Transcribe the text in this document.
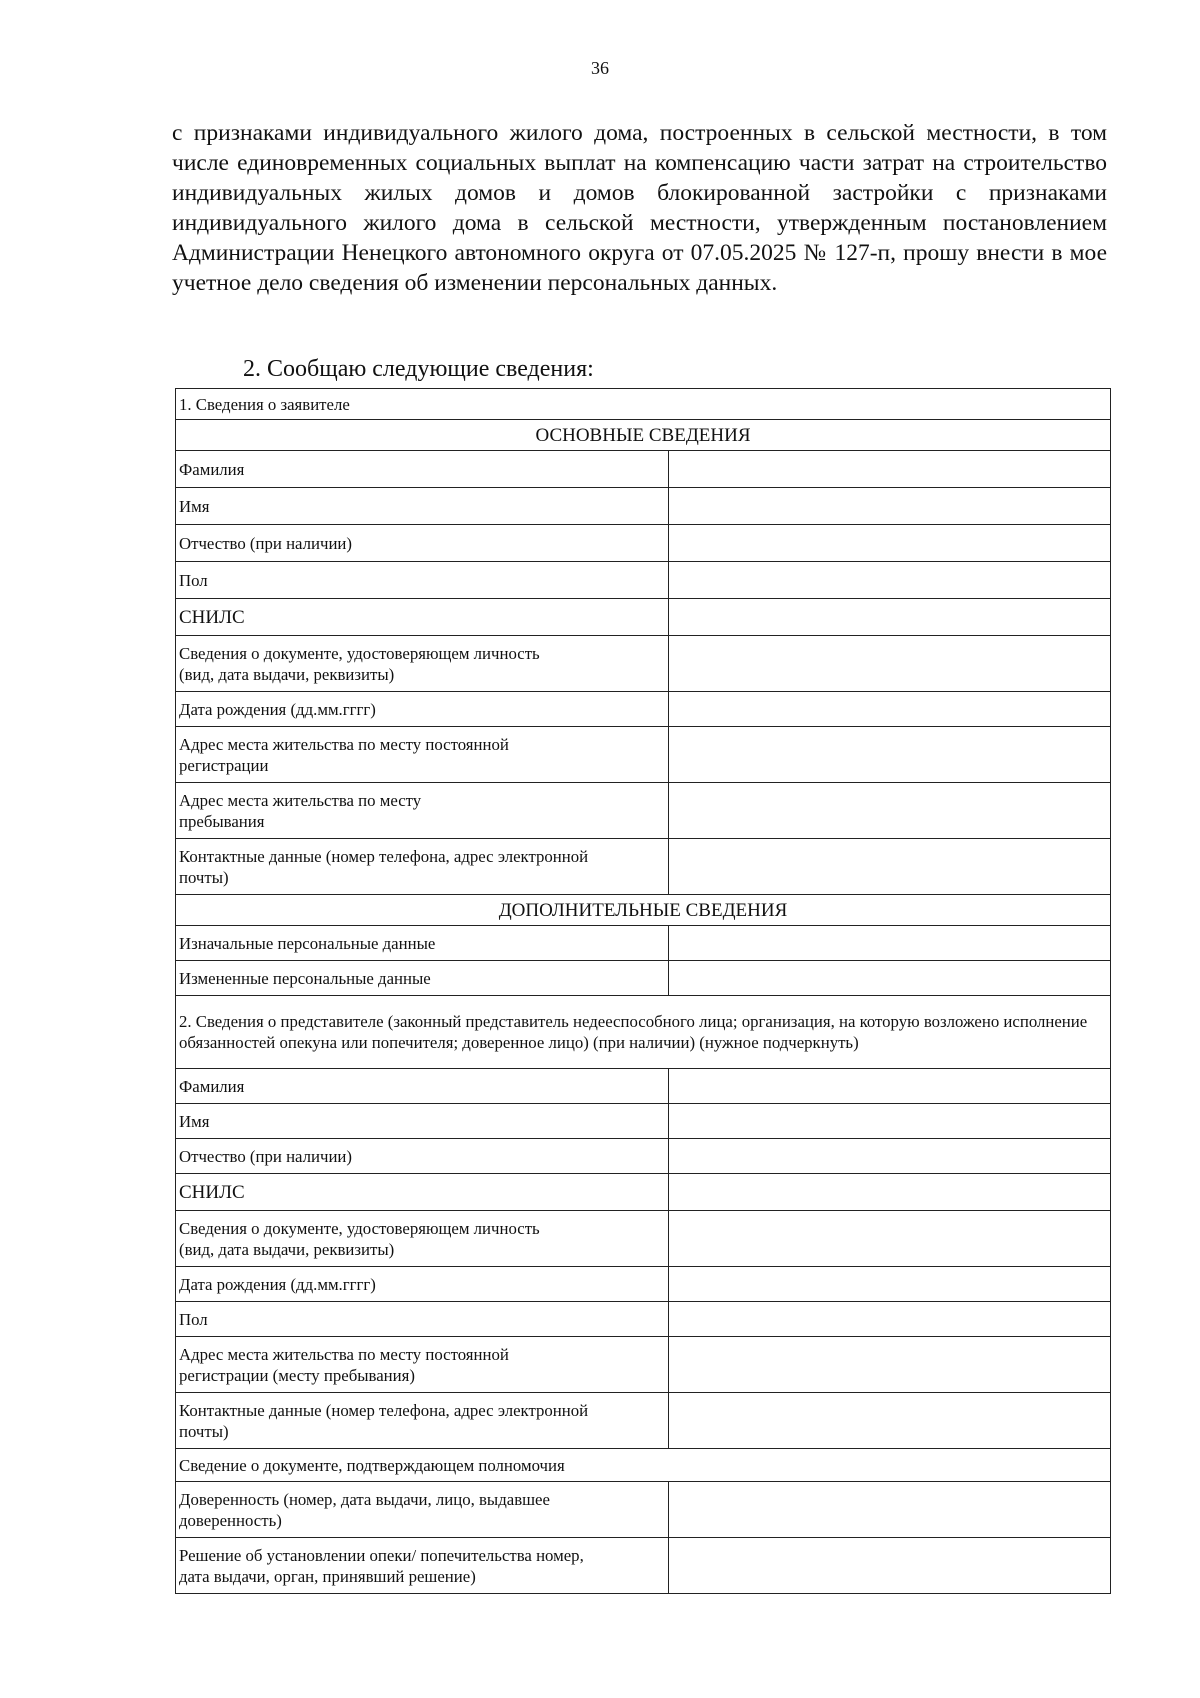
36

с признаками индивидуального жилого дома, построенных в сельской местности, в том числе единовременных социальных выплат на компенсацию части затрат на строительство индивидуальных жилых домов и домов блокированной застройки с признаками индивидуального жилого дома в сельской местности, утвержденным постановлением Администрации Ненецкого автономного округа от 07.05.2025 № 127-п, прошу внести в мое учетное дело сведения об изменении персональных данных.

2. Сообщаю следующие сведения:

1. Сведения о заявителе	
ОСНОВНЫЕ СВЕДЕНИЯ	
Фамилия	
Имя	
Отчество (при наличии)	
Пол	
СНИЛС	
Сведения о документе, удостоверяющем личность
(вид, дата выдачи, реквизиты)	
Дата рождения (дд.мм.гггг)	
Адрес места жительства по месту постоянной
регистрации	
Адрес места жительства по месту
пребывания	
Контактные данные (номер телефона, адрес электронной
почты)	
ДОПОЛНИТЕЛЬНЫЕ СВЕДЕНИЯ	
Изначальные персональные данные	
Измененные персональные данные	
2. Сведения о представителе (законный представитель недееспособного лица; организация, на которую возложено исполнение обязанностей опекуна или попечителя; доверенное лицо) (при наличии) (нужное подчеркнуть)	
Фамилия	
Имя	
Отчество (при наличии)	
СНИЛС	
Сведения о документе, удостоверяющем личность
(вид, дата выдачи, реквизиты)	
Дата рождения (дд.мм.гггг)	
Пол	
Адрес места жительства по месту постоянной
регистрации (месту пребывания)	
Контактные данные (номер телефона, адрес электронной
почты)	
Сведение о документе, подтверждающем полномочия	
Доверенность (номер, дата выдачи, лицо, выдавшее
доверенность)	
Решение об установлении опеки/ попечительства номер,
дата выдачи, орган, принявший решение)	
